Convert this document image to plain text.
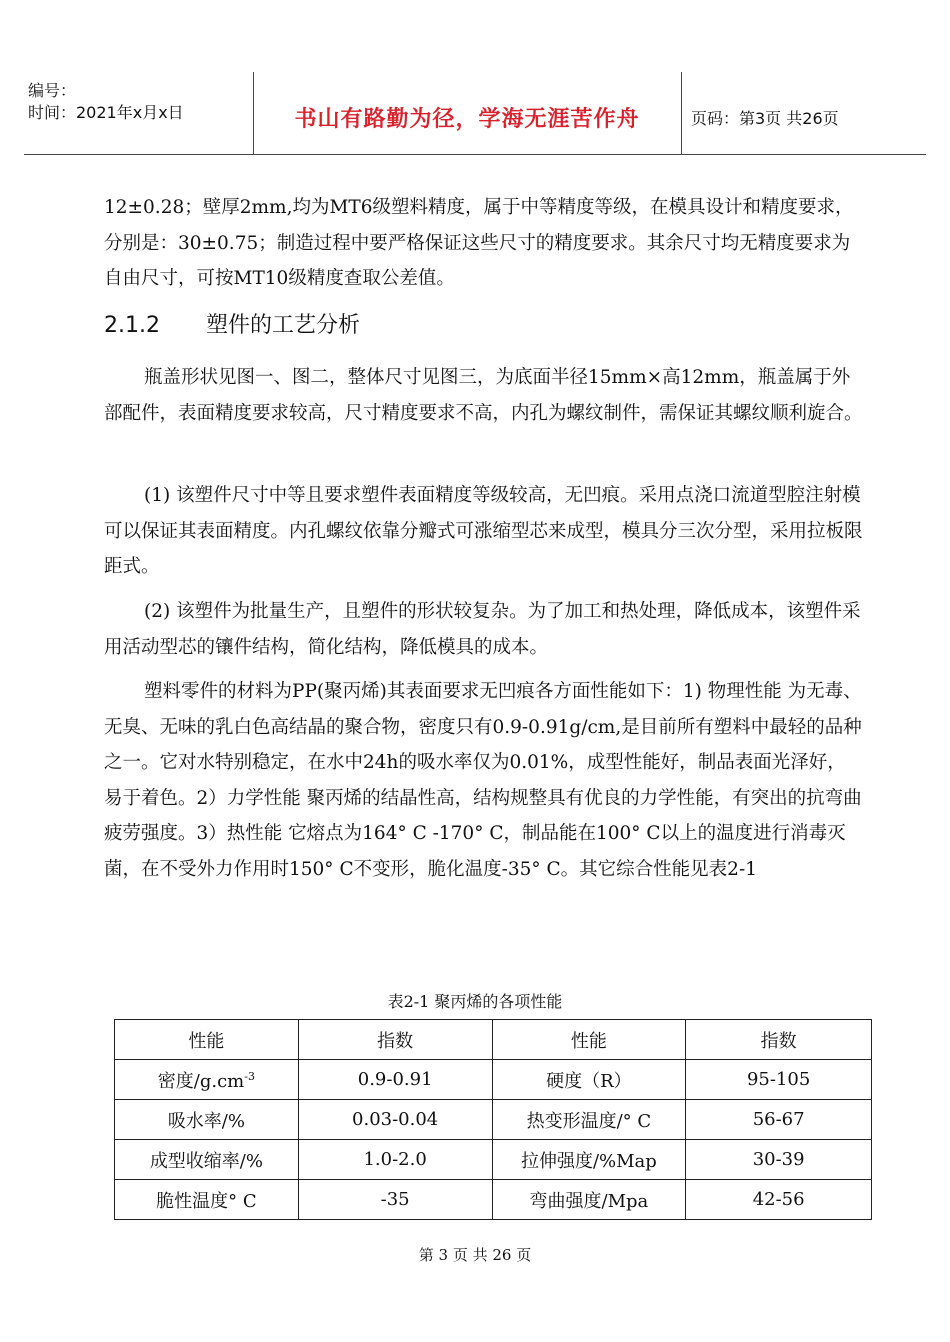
编号：
时间：2021年x月x日	书山有路勤为径，学海无涯苦作舟	页码：第3页 共26页

12±0.28；壁厚2mm,均为MT6级塑料精度，属于中等精度等级，在模具设计和精度要求，分别是：30±0.75；制造过程中要严格保证这些尺寸的精度要求。其余尺寸均无精度要求为自由尺寸，可按MT10级精度查取公差值。

2.1.2 塑件的工艺分析

瓶盖形状见图一、图二，整体尺寸见图三，为底面半径15mm×高12mm，瓶盖属于外部配件，表面精度要求较高，尺寸精度要求不高，内孔为螺纹制件，需保证其螺纹顺利旋合。

(1) 该塑件尺寸中等且要求塑件表面精度等级较高，无凹痕。采用点浇口流道型腔注射模可以保证其表面精度。内孔螺纹依靠分瓣式可涨缩型芯来成型，模具分三次分型，采用拉板限距式。

(2) 该塑件为批量生产，且塑件的形状较复杂。为了加工和热处理，降低成本，该塑件采用活动型芯的镶件结构，简化结构，降低模具的成本。

塑料零件的材料为PP(聚丙烯)其表面要求无凹痕各方面性能如下：1) 物理性能 为无毒、无臭、无味的乳白色高结晶的聚合物，密度只有0.9-0.91g/cm,是目前所有塑料中最轻的品种之一。它对水特别稳定，在水中24h的吸水率仅为0.01%，成型性能好，制品表面光泽好，易于着色。2）力学性能 聚丙烯的结晶性高，结构规整具有优良的力学性能，有突出的抗弯曲疲劳强度。3）热性能 它熔点为164° C -170° C，制品能在100° C以上的温度进行消毒灭菌，在不受外力作用时150° C不变形，脆化温度-35° C。其它综合性能见表2-1

表2-1 聚丙烯的各项性能
性能	指数	性能	指数
密度$/g.cm^{-3}$	0.9-0.91	硬度（R）	95-105
吸水率/%	0.03-0.04	热变形温度/° C	56-67
成型收缩率/%	1.0-2.0	拉伸强度/%Map	30-39
脆性温度° C	-35	弯曲强度/Mpa	42-56
第 3 页 共 26 页
